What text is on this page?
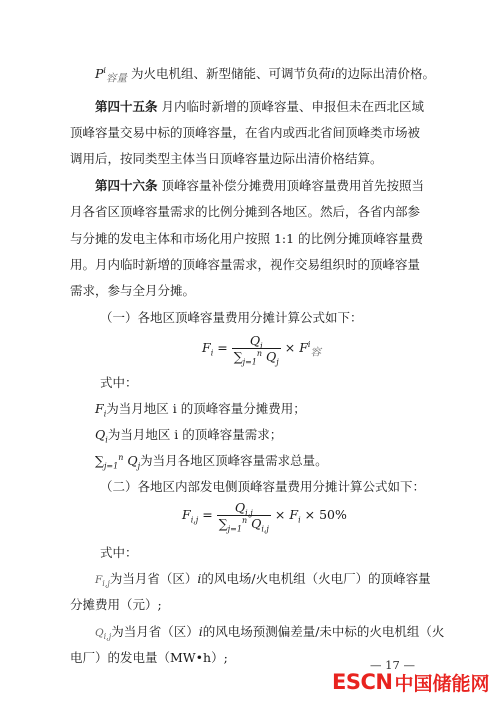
$P^i_{容量}$ 为火电机组、新型储能、可调节负荷i的边际出清价格。
第四十五条 月内临时新增的顶峰容量、申报但未在西北区域
顶峰容量交易中标的顶峰容量，在省内或西北省间顶峰类市场被
调用后，按同类型主体当日顶峰容量边际出清价格结算。
第四十六条 顶峰容量补偿分摊费用顶峰容量费用首先按照当
月各省区顶峰容量需求的比例分摊到各地区。然后，各省内部参
与分摊的发电主体和市场化用户按照 1:1 的比例分摊顶峰容量费
用。月内临时新增的顶峰容量需求，视作交易组织时的顶峰容量
需求，参与全月分摊。
（一）各地区顶峰容量费用分摊计算公式如下：
$F_i = \frac{Q_i}{\sum_{j=1}^n Q_j} \times F^i_容$
式中：
$F_i$为当月地区 i 的顶峰容量分摊费用；
$Q_i$为当月地区 i 的顶峰容量需求；
$\sum_{j=1}^n$ $Q_j$为当月各地区顶峰容量需求总量。
（二）各地区内部发电侧顶峰容量费用分摊计算公式如下：
$F_{i,j} = \frac{Q_{i,j}}{\sum_{j=1}^n Q_{i,j}} \times F_i \times 50\%$
式中：
$F_{i,j}$为当月省（区）i的风电场/火电机组（火电厂）的顶峰容量
分摊费用（元）;
$Q_{i,j}$为当月省（区）i的风电场预测偏差量/未中标的火电机组（火
电厂）的发电量（MW•h）;	— 17 —
ESCN 中国储能网
